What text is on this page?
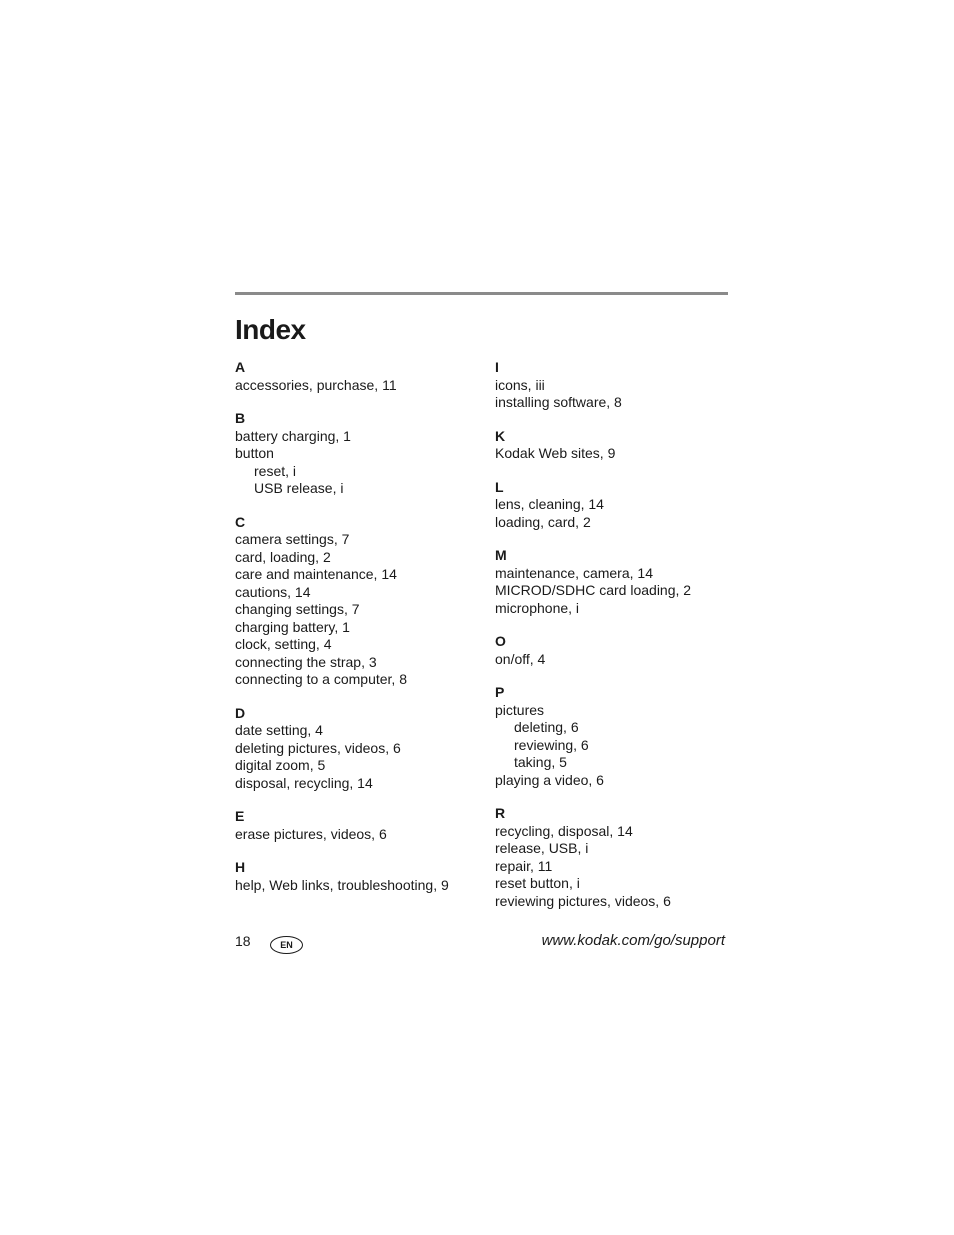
Index
A
accessories, purchase, 11
B
battery charging, 1
button
reset, i
USB release, i
C
camera settings, 7
card, loading, 2
care and maintenance, 14
cautions, 14
changing settings, 7
charging battery, 1
clock, setting, 4
connecting the strap, 3
connecting to a computer, 8
D
date setting, 4
deleting pictures, videos, 6
digital zoom, 5
disposal, recycling, 14
E
erase pictures, videos, 6
H
help, Web links, troubleshooting, 9
I
icons, iii
installing software, 8
K
Kodak Web sites, 9
L
lens, cleaning, 14
loading, card, 2
M
maintenance, camera, 14
MICROD/SDHC card loading, 2
microphone, i
O
on/off, 4
P
pictures
deleting, 6
reviewing, 6
taking, 5
playing a video, 6
R
recycling, disposal, 14
release, USB, i
repair, 11
reset button, i
reviewing pictures, videos, 6
18	EN	www.kodak.com/go/support
